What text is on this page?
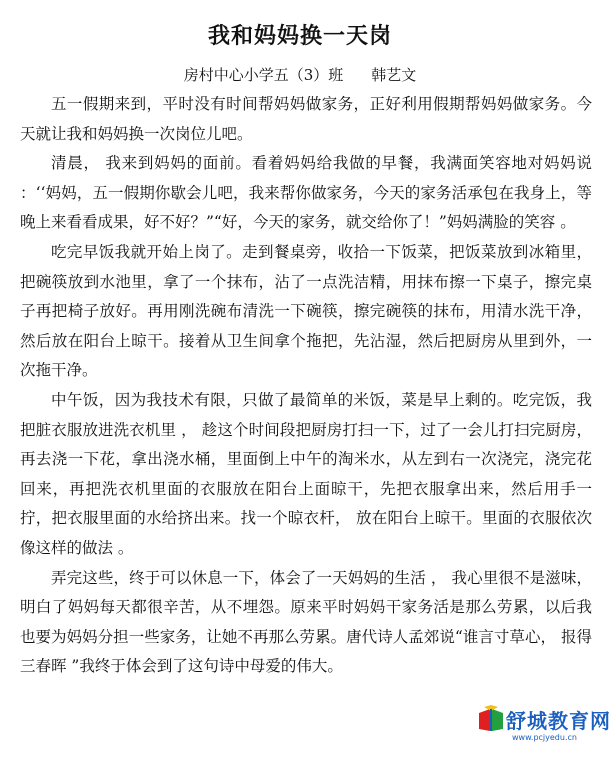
我和妈妈换一天岗
房村中心小学五（3）班 韩艺文

五一假期来到，平时没有时间帮妈妈做家务，正好利用假期帮妈妈做家务。今天就让我和妈妈换一次岗位儿吧。

清晨， 我来到妈妈的面前。看着妈妈给我做的早餐，我满面笑容地对妈妈说 ：‘‘妈妈，五一假期你歇会儿吧，我来帮你做家务，今天的家务活承包在我身上，等晚上来看看成果，好不好？”“好，今天的家务，就交给你了！”妈妈满脸的笑容 。

吃完早饭我就开始上岗了。走到餐桌旁，收拾一下饭菜，把饭菜放到冰箱里，把碗筷放到水池里，拿了一个抹布，沾了一点洗洁精，用抹布擦一下桌子，擦完桌子再把椅子放好。再用刚洗碗布清洗一下碗筷，擦完碗筷的抹布，用清水洗干净，然后放在阳台上晾干。接着从卫生间拿个拖把，先沾湿，然后把厨房从里到外，一次拖干净。

中午饭，因为我技术有限，只做了最简单的米饭，菜是早上剩的。吃完饭，我把脏衣服放进洗衣机里 ， 趁这个时间段把厨房打扫一下，过了一会儿打扫完厨房，再去浇一下花，拿出浇水桶，里面倒上中午的淘米水，从左到右一次浇完，浇完花回来，再把洗衣机里面的衣服放在阳台上面晾干，先把衣服拿出来，然后用手一拧，把衣服里面的水给挤出来。找一个晾衣杆， 放在阳台上晾干。里面的衣服依次像这样的做法 。

弄完这些，终于可以休息一下，体会了一天妈妈的生活 ， 我心里很不是滋味，明白了妈妈每天都很辛苦，从不埋怨。原来平时妈妈干家务活是那么劳累，以后我也要为妈妈分担一些家务，让她不再那么劳累。唐代诗人孟郊说“谁言寸草心， 报得三春晖 ”我终于体会到了这句诗中母爱的伟大。

舒城教育网
www.pcjyedu.cn
